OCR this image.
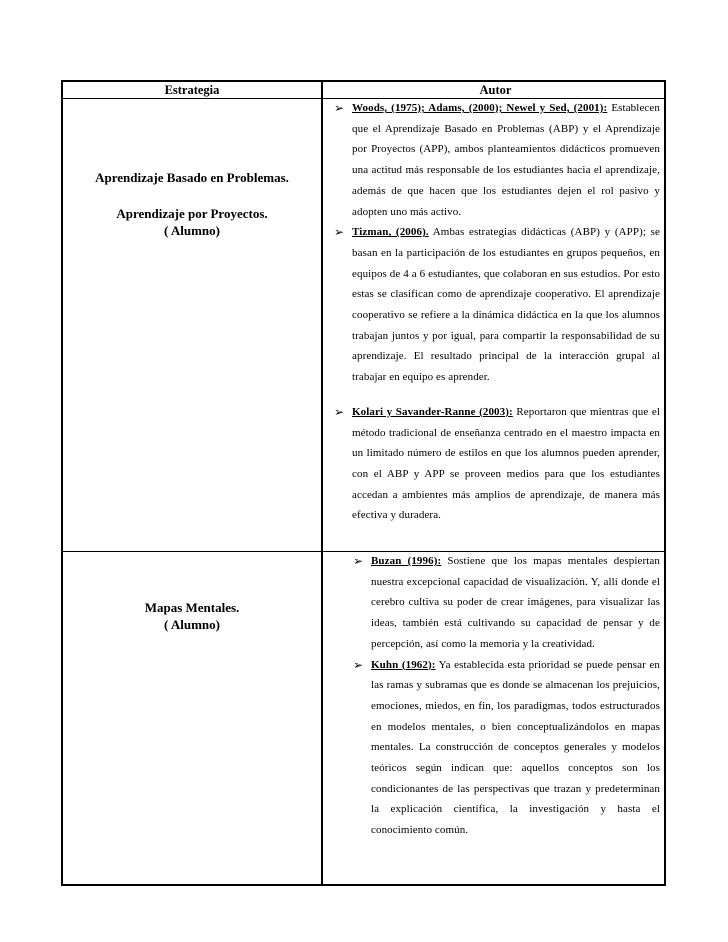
Estrategia	Autor
Aprendizaje Basado en Problemas.
Aprendizaje por Proyectos.
( Alumno)
➢ Woods, (1975); Adams, (2000); Newel y Sed, (2001): Establecen que el Aprendizaje Basado en Problemas (ABP) y el Aprendizaje por Proyectos (APP), ambos planteamientos didácticos promueven una actitud más responsable de los estudiantes hacia el aprendizaje, además de que hacen que los estudiantes dejen el rol pasivo y adopten uno más activo.
➢ Tizman, (2006). Ambas estrategias didácticas (ABP) y (APP); se basan en la participación de los estudiantes en grupos pequeños, en equipos de 4 a 6 estudiantes, que colaboran en sus estudios. Por esto estas se clasifican como de aprendizaje cooperativo. El aprendizaje cooperativo se refiere a la dinámica didáctica en la que los alumnos trabajan juntos y por igual, para compartir la responsabilidad de su aprendizaje. El resultado principal de la interacción grupal al trabajar en equipo es aprender.
➢ Kolari y Savander-Ranne (2003): Reportaron que mientras que el método tradicional de enseñanza centrado en el maestro impacta en un limitado número de estilos en que los alumnos pueden aprender, con el ABP y APP se proveen medios para que los estudiantes accedan a ambientes más amplios de aprendizaje, de manera más efectiva y duradera.
Mapas Mentales.
( Alumno)
➢ Buzan (1996): Sostiene que los mapas mentales despiertan nuestra excepcional capacidad de visualización. Y, allí donde el cerebro cultiva su poder de crear imágenes, para visualizar las ideas, también está cultivando su capacidad de pensar y de percepción, así como la memoria y la creatividad.
➢ Kuhn (1962): Ya establecida esta prioridad se puede pensar en las ramas y subramas que es donde se almacenan los prejuicios, emociones, miedos, en fin, los paradigmas, todos estructurados en modelos mentales, o bien conceptualizándolos en mapas mentales. La construcción de conceptos generales y modelos teóricos según indican que: aquellos conceptos son los condicionantes de las perspectivas que trazan y predeterminan la explicación científica, la investigación y hasta el conocimiento común.
